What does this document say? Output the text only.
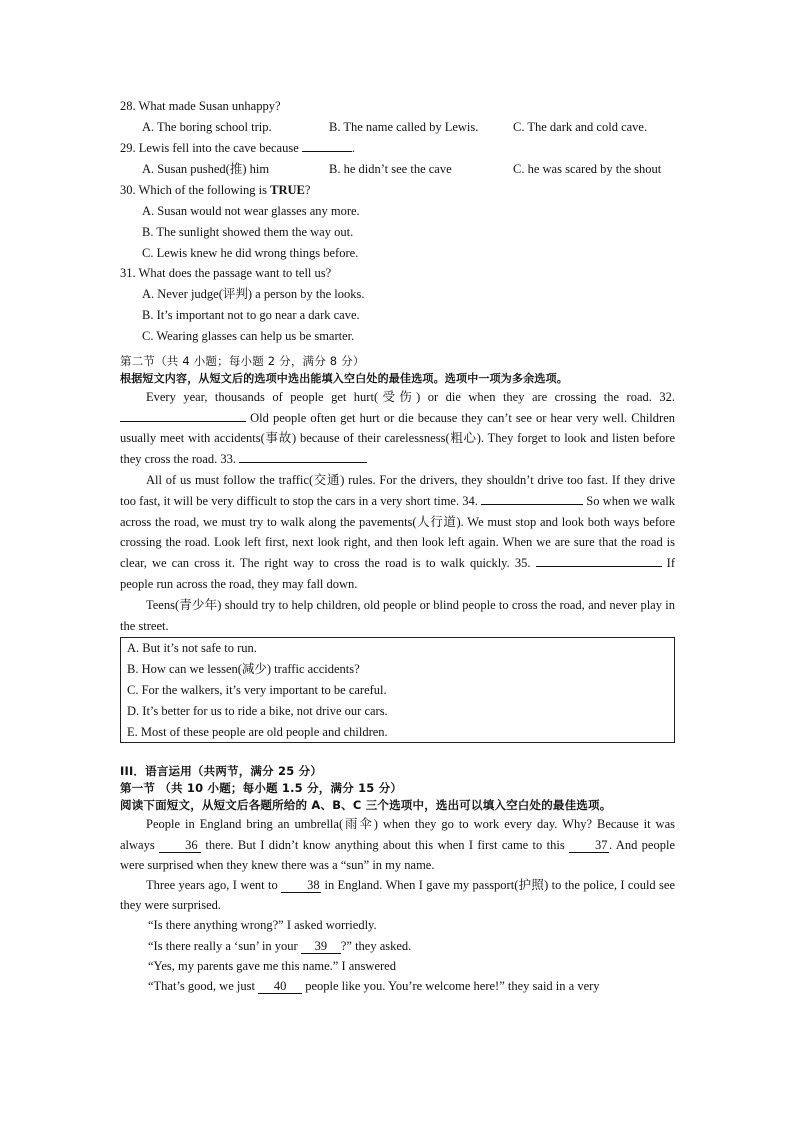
28. What made Susan unhappy?
A. The boring school trip.	B. The name called by Lewis.	C. The dark and cold cave.
29. Lewis fell into the cave because	.
A. Susan pushed(推) him	B. he didn’t see the cave	C. he was scared by the shout
30. Which of the following is TRUE?
A. Susan would not wear glasses any more.
B. The sunlight showed them the way out.
C. Lewis knew he did wrong things before.
31. What does the passage want to tell us?
A. Never judge(评判) a person by the looks.
B. It’s important not to go near a dark cave.
C. Wearing glasses can help us be smarter.
第二节（共 4 小题；每小题 2 分，满分 8 分）
根据短文内容，从短文后的选项中选出能填入空白处的最佳选项。选项中一项为多余选项。
Every year, thousands of people get hurt(受伤) or die when they are crossing the road. 32.  Old people often get hurt or die because they can’t see or hear very well. Children usually meet with accidents(事故) because of their carelessness(粗心). They forget to look and listen before they cross the road. 33.
All of us must follow the traffic(交通) rules. For the drivers, they shouldn’t drive too fast. If they drive too fast, it will be very difficult to stop the cars in a very short time. 34.	So when we walk across the road, we must try to walk along the pavements(人行道). We must stop and look both ways before crossing the road. Look left first, next look right, and then look left again. When we are sure that the road is clear, we can cross it. The right way to cross the road is to walk quickly. 35.	If people run across the road, they may fall down.
Teens(青少年) should try to help children, old people or blind people to cross the road, and never play in the street.
A. But it’s not safe to run.
B. How can we lessen(减少) traffic accidents?
C. For the walkers, it’s very important to be careful.
D. It’s better for us to ride a bike, not drive our cars.
E. Most of these people are old people and children.
III．语言运用（共两节，满分 25 分）
第一节 （共 10 小题；每小题 1.5 分，满分 15 分）
阅读下面短文，从短文后各题所给的 A、B、C 三个选项中，选出可以填入空白处的最佳选项。
People in England bring an umbrella(雨伞) when they go to work every day. Why? Because it was always 36 there. But I didn’t know anything about this when I first came to this 37 . And people were surprised when they knew there was a “sun” in my name.
Three years ago, I went to 38 in England. When I gave my passport(护照) to the police, I could see they were surprised.
“Is there anything wrong?” I asked worriedly.
“Is there really a ‘sun’ in your 39 ?” they asked.
“Yes, my parents gave me this name.” I answered
“That’s good, we just 40 people like you. You’re welcome here!” they said in a very
